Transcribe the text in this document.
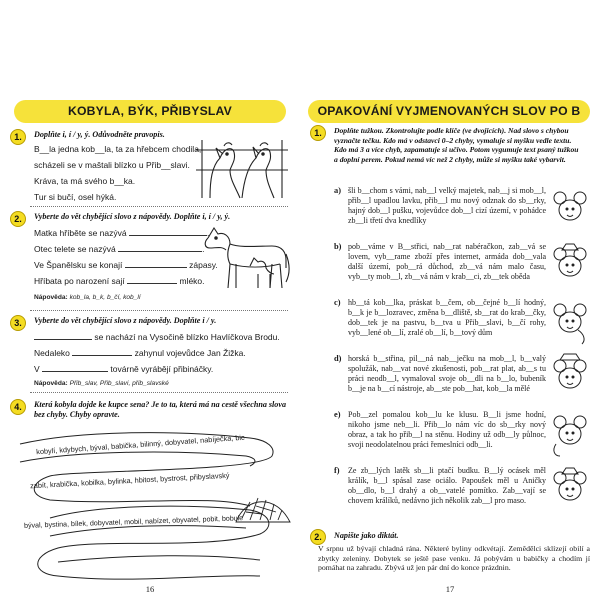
KOBYLA, BÝK, PŘIBYSLAV
1.	Doplňte i, í / y, ý. Odůvodněte pravopis.
B__la jedna kob__la, ta za hřebcem chodila,
scházeli se v maštali blízko u Přib__slavi.
Kráva, ta má svého b__ka.
Tur si bučí, osel hýká.
2.	Vyberte do vět chybějící slovo z nápovědy. Doplňte i, í / y, ý.
Matka hříběte se nazývá	.
Otec telete se nazývá	.
Ve Španělsku se konají	zápasy.
Hříbata po narození sají	mléko.
Nápověda: kob_la, b_k, b_čí, kob_lí
3.	Vyberte do vět chybějící slovo z nápovědy. Doplňte i / y.
se nachází na Vysočině blízko Havlíčkova Brodu.
Nedaleko	zahynul vojevůdce Jan Žižka.
V	továrně vyrábějí přibináčky.
Nápověda: Přib_slav, Přib_slavi, přib_slavské
4.	Která kobyla dojde ke kupce sena? Je to ta, která má na cestě všechna slova bez chyby. Chyby opravte.
kobylí, kdybych, býval, babička, bilinný, dobyvatel, nabíječka, bic
zabít, krabička, kobilka, bylinka, hbitost, bystrost, přibyslavský
býval, bystina, bílek, dobyvatel, mobil, nabízet, obyvatel, pobit, bobule
16
OPAKOVÁNÍ VYJMENOVANÝCH SLOV PO B
1.	Doplňte tužkou. Zkontrolujte podle klíče (ve dvojicích). Nad slovo s chybou vyznačte tečku. Kdo má v odstavci 0–2 chyby, vymaluje si myšku vedle textu. Kdo má 3 a více chyb, zapamatuje si učivo. Potom vygumuje text psaný tužkou a doplní perem. Pokud nemá víc než 2 chyby, může si myšku také vybarvit.
a) šli b__chom s vámi, nab__l velký majetek, nab__j si mob__l, přib__l upadlou lavku, přib__l mu nový odznak do sb__rky, hajný dob__l pušku, vojevůdce dob__l cizí území, v pohádce zb__li třetí dva knedlíky
b) pob__váme v B__střici, nab__rat nabéračkon, zab__vá se lovem, vyb__rame zboží přes internet, armáda dob__vala další území, pob__rá důchod, zb__vá nám malo času, vyb__ty mob__l, zb__vá nám v krab__ci, zb__tek oběda
c) hb__tá kob__lka, práskat b__čem, ob__čejné b__lí hodný, b__k je b__lozravec, změna b__dliště, sb__rat do krab__čky, dob__tek je na pastvu, b__tva u Přib__slavi, b__čí rohy, vyb__lené ob__lí, zralé ob__lí, b__tový dům
d) horská b__střina, pil__ná nab__ječku na mob__l, b__valý spolužák, nab__vat nové zkušenosti, pob__rat plat, ab__s tu práci neodb__l, vymaloval svoje ob__dli na b__lo, bubeník b__je na b__cí nástroje, ab__ste pob__hat, kob__la mělé
e) Pob__zel pomalou kob__lu ke klusu. B__li jsme hodní, nikoho jsme neb__li. Přib__lo nám víc do sb__rky nový obraz, a tak ho přib__l na stěnu. Hodiny už odb__ly půlnoc, svoji neodolatelnou práci řemeslníci odb__li.
f) Ze zb__lých latěk sb__li ptačí budku. B__lý ocásek měl králík, b__l spásal zase ociálo. Papoušek měl u Aničky ob__dlo, b__l drahý a ob__vatelé pomítko. Zab__vají se chovem králíků, nedávno jich několik zab__l pro maso.
2.	Napište jako diktát.
V srpnu už bývají chladná rána. Některé byliny odkvétají. Zemědělci sklízejí obilí a zbytky zeleniny. Dobytek se ještě pase venku. Já pobývám u babičky a chodím jí pomáhat na zahradu. Zbývá už jen pár dní do konce prázdnin.
17
